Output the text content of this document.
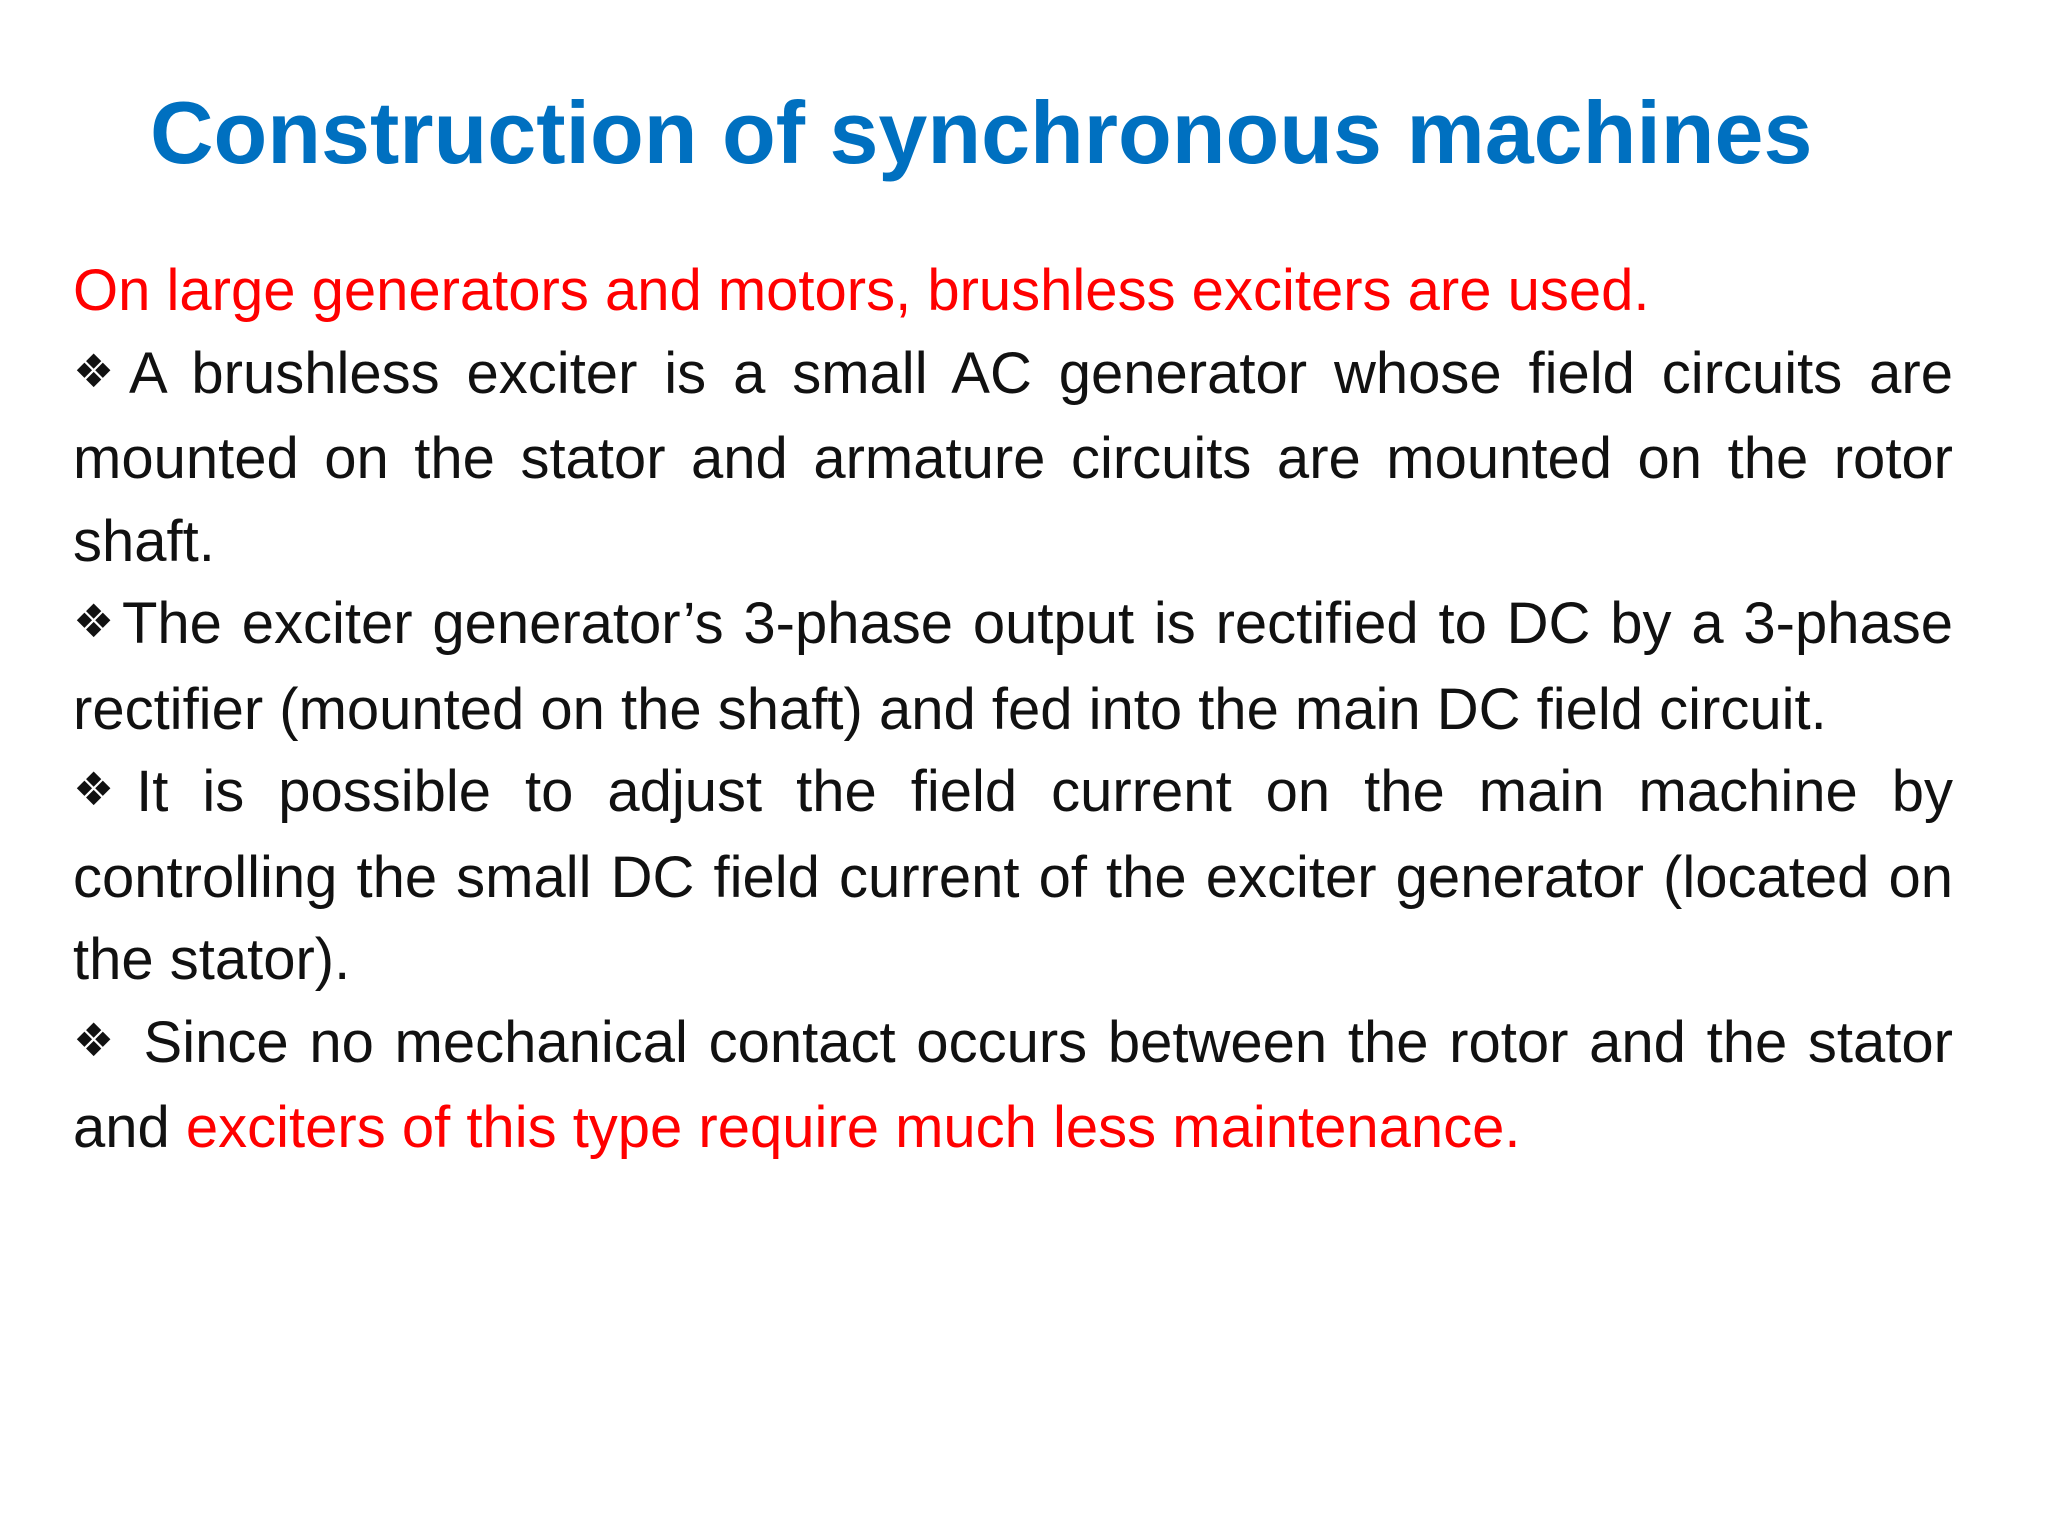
Construction of synchronous machines

On large generators and motors, brushless exciters are used.

❖A brushless exciter is a small AC generator whose field circuits are mounted on the stator and armature circuits are mounted on the rotor shaft.

❖The exciter generator’s 3-phase output is rectified to DC by a 3-phase rectifier (mounted on the shaft) and fed into the main DC field circuit.

❖It is possible to adjust the field current on the main machine by controlling the small DC field current of the exciter generator (located on the stator).

❖ Since no mechanical contact occurs between the rotor and the stator and exciters of this type require much less maintenance.
